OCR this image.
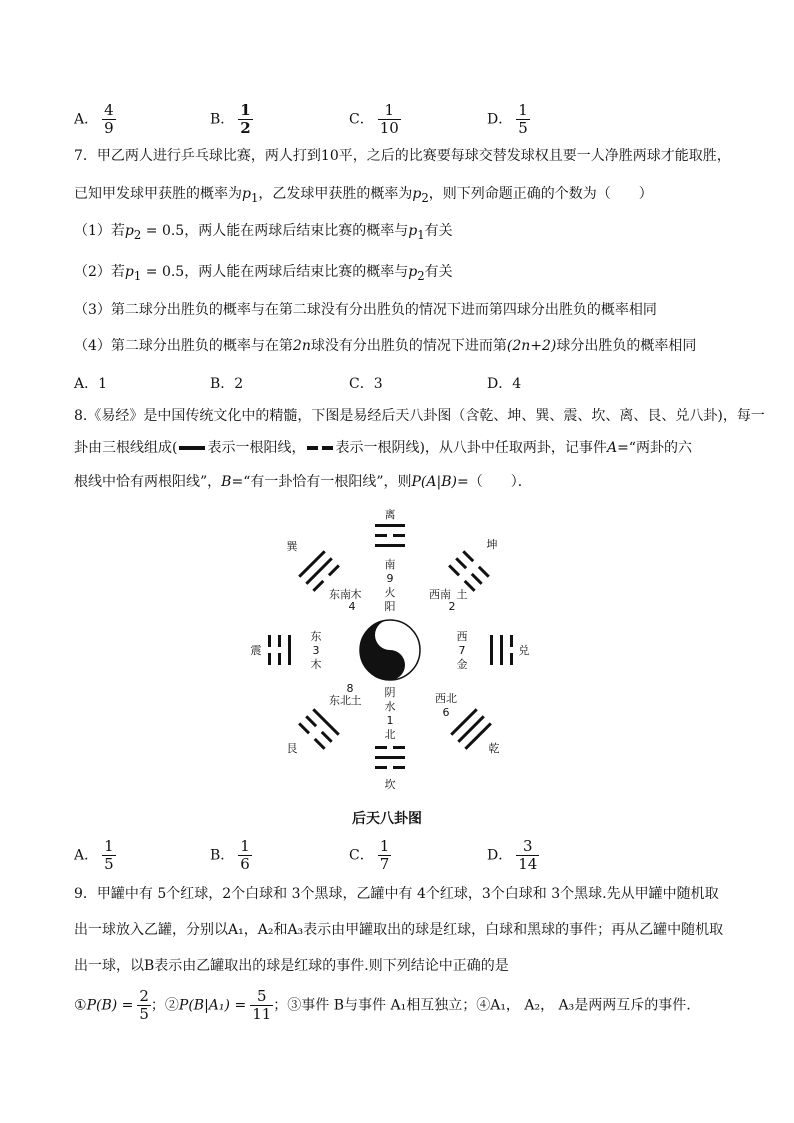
A． $\frac{4}{9}$	B． $\frac{1}{2}$	C． $\frac{1}{10}$	D． $\frac{1}{5}$
7．甲乙两人进行乒乓球比赛，两人打到10平，之后的比赛要每球交替发球权且要一人净胜两球才能取胜，
已知甲发球甲获胜的概率为$p_1$，乙发球甲获胜的概率为$p_2$，则下列命题正确的个数为（　　）
（1）若$p_2 = 0.5$，两人能在两球后结束比赛的概率与$p_1$有关
（2）若$p_1 = 0.5$，两人能在两球后结束比赛的概率与$p_2$有关
（3）第二球分出胜负的概率与在第二球没有分出胜负的情况下进而第四球分出胜负的概率相同
（4）第二球分出胜负的概率与在第2n球没有分出胜负的情况下进而第(2n+2)球分出胜负的概率相同
A．1	B．2	C．3	D．4
8.《易经》是中国传统文化中的精髓，下图是易经后天八卦图（含乾、坤、巽、震、坎、离、艮、兑八卦)，每一
卦由三根线组成( 表示一根阳线， 表示一根阴线)，从八卦中任取两卦，记事件A=“两卦的六
根线中恰有两根阳线”，B=“有一卦恰有一根阳线”，则P(A|B)=（　　）．
离
南
9
火
阳
坤
西南
2
土
震
东
3
木
巽
东南
4
木
兑
西
7
金
艮
东北
8
土
乾
西北
6
阴
水
1
北
坎
后天八卦图
A． $\frac{1}{5}$	B． $\frac{1}{6}$	C． $\frac{1}{7}$	D． $\frac{3}{14}$
9．甲罐中有 5个红球，2个白球和 3个黑球，乙罐中有 4个红球，3个白球和 3个黑球.先从甲罐中随机取
出一球放入乙罐，分别以A₁，A₂和A₃表示由甲罐取出的球是红球，白球和黑球的事件；再从乙罐中随机取
出一球，以B表示由乙罐取出的球是红球的事件.则下列结论中正确的是
①P(B) = $\frac{2}{5}$ ；②P(B|A₁) = $\frac{5}{11}$ ；③事件 B与事件 A₁相互独立；④A₁， A₂， A₃是两两互斥的事件.
